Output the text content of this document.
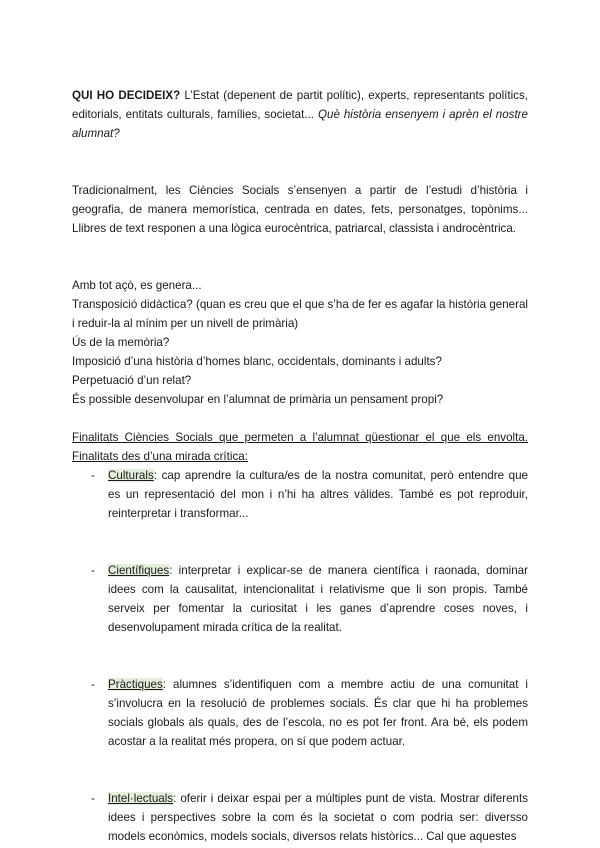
QUI HO DECIDEIX? L’Estat (depenent de partit polític), experts, representants polítics, editorials, entitats culturals, famílies, societat... Què història ensenyem i aprèn el nostre alumnat?

Tradicionalment, les Ciències Socials s’ensenyen a partir de l’estudi d’història i geografia, de manera memorística, centrada en dates, fets, personatges, topònims... Llibres de text responen a una lògica eurocèntrica, patriarcal, classista i androcèntrica.

Amb tot açò, es genera...

Transposició didàctica? (quan es creu que el que s’ha de fer es agafar la història general i reduir-la al mínim per un nivell de primària)

Ús de la memòria?

Imposició d’una història d’homes blanc, occidentals, dominants i adults?

Perpetuació d’un relat?

És possible desenvolupar en l’alumnat de primària un pensament propi?

Finalitats Ciències Socials que permeten a l’alumnat qüestionar el que els envolta. Finalitats des d’una mirada crítica:

- Culturals: cap aprendre la cultura/es de la nostra comunitat, però entendre que es un representació del mon i n’hi ha altres vàlides. També es pot reproduir, reinterpretar i transformar...
- Científiques: interpretar i explicar-se de manera científica i raonada, dominar idees com la causalitat, intencionalitat i relativisme que li son propis. També serveix per fomentar la curiositat i les ganes d’aprendre coses noves, i desenvolupament mirada crítica de la realitat.
- Pràctiques: alumnes s’identifiquen com a membre actiu de una comunitat i s’involucra en la resolució de problemes socials. És clar que hi ha problemes socials globals als quals, des de l’escola, no es pot fer front. Ara bé, els podem acostar a la realitat més propera, on sí que podem actuar.
- Intel·lectuals: oferir i deixar espai per a múltiples punt de vista. Mostrar diferents idees i perspectives sobre la com és la societat o com podria ser: diversso models econòmics, models socials, diversos relats històrics... Cal que aquestes
